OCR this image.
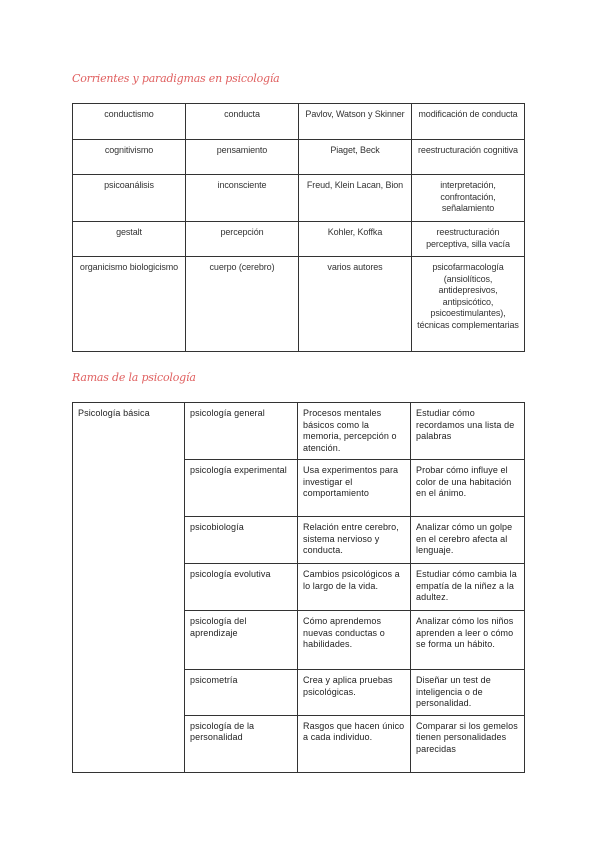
Corrientes y paradigmas en psicología
conductismo	conducta	Pavlov, Watson y Skinner	modificación de conducta
cognitivismo	pensamiento	Piaget, Beck	reestructuración cognitiva
psicoanálisis	inconsciente	Freud, Klein Lacan, Bion	interpretación, confrontación, señalamiento
gestalt	percepción	Kohler, Koffka	reestructuración perceptiva, silla vacía
organicismo biologicismo	cuerpo (cerebro)	varios autores	psicofarmacología (ansiolíticos, antidepresivos, antipsicótico, psicoestimulantes), técnicas complementarias
Ramas de la psicología
Psicología básica	psicología general	Procesos mentales básicos como la memoria, percepción o atención.	Estudiar cómo recordamos una lista de palabras
	psicología experimental	Usa experimentos para investigar el comportamiento	Probar cómo influye el color de una habitación en el ánimo.
	psicobiología	Relación entre cerebro, sistema nervioso y conducta.	Analizar cómo un golpe en el cerebro afecta al lenguaje.
	psicología evolutiva	Cambios psicológicos a lo largo de la vida.	Estudiar cómo cambia la empatía de la niñez a la adultez.
	psicología del aprendizaje	Cómo aprendemos nuevas conductas o habilidades.	Analizar cómo los niños aprenden a leer o cómo se forma un hábito.
	psicometría	Crea y aplica pruebas psicológicas.	Diseñar un test de inteligencia o de personalidad.
	psicología de la personalidad	Rasgos que hacen único a cada individuo.	Comparar si los gemelos tienen personalidades parecidas
